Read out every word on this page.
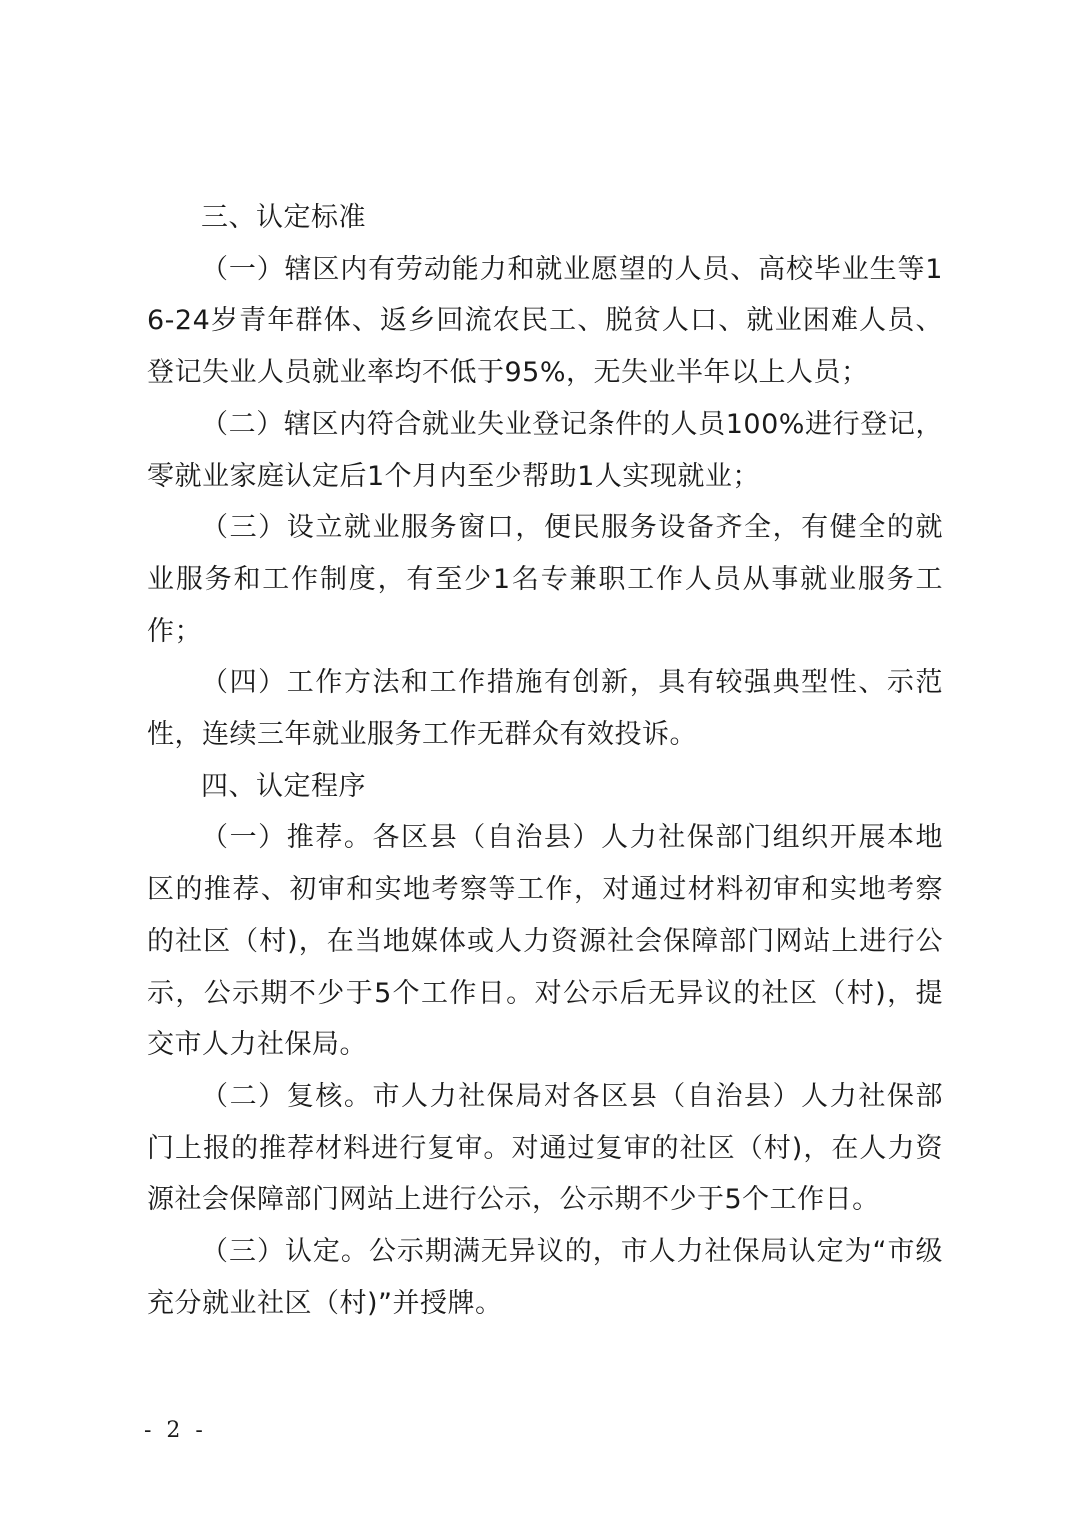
三、认定标准

（一）辖区内有劳动能力和就业愿望的人员、高校毕业生等16-24岁青年群体、返乡回流农民工、脱贫人口、就业困难人员、登记失业人员就业率均不低于95%，无失业半年以上人员；

（二）辖区内符合就业失业登记条件的人员100%进行登记，零就业家庭认定后1个月内至少帮助1人实现就业；

（三）设立就业服务窗口，便民服务设备齐全，有健全的就业服务和工作制度，有至少1名专兼职工作人员从事就业服务工作；

（四）工作方法和工作措施有创新，具有较强典型性、示范性，连续三年就业服务工作无群众有效投诉。

四、认定程序

（一）推荐。各区县（自治县）人力社保部门组织开展本地区的推荐、初审和实地考察等工作，对通过材料初审和实地考察的社区（村)，在当地媒体或人力资源社会保障部门网站上进行公示，公示期不少于5个工作日。对公示后无异议的社区（村)，提交市人力社保局。

（二）复核。市人力社保局对各区县（自治县）人力社保部门上报的推荐材料进行复审。对通过复审的社区（村)，在人力资源社会保障部门网站上进行公示，公示期不少于5个工作日。

（三）认定。公示期满无异议的，市人力社保局认定为“市级充分就业社区（村)”并授牌。

- 2 -
